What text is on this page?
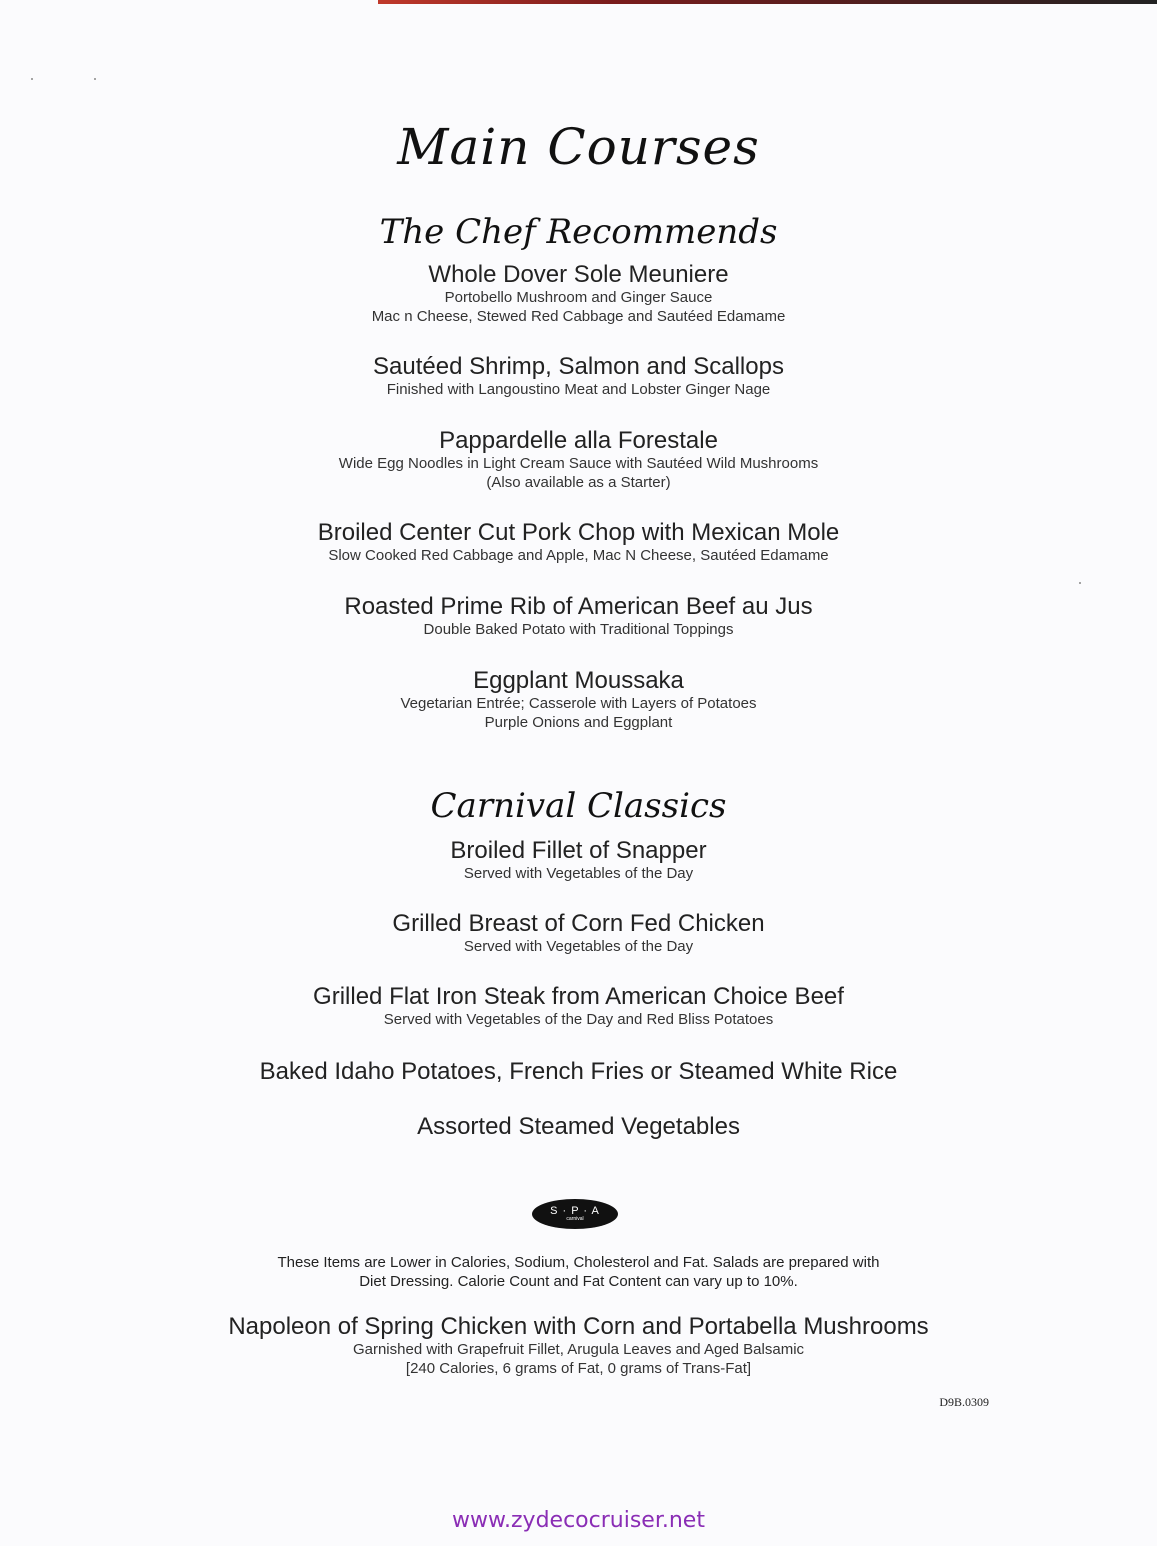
Main Courses
The Chef Recommends
Whole Dover Sole Meuniere
Portobello Mushroom and Ginger Sauce
Mac n Cheese, Stewed Red Cabbage and Sautéed Edamame
Sautéed Shrimp, Salmon and Scallops
Finished with Langoustino Meat and Lobster Ginger Nage
Pappardelle alla Forestale
Wide Egg Noodles in Light Cream Sauce with Sautéed Wild Mushrooms
(Also available as a Starter)
Broiled Center Cut Pork Chop with Mexican Mole
Slow Cooked Red Cabbage and Apple, Mac N Cheese, Sautéed Edamame
Roasted Prime Rib of American Beef au Jus
Double Baked Potato with Traditional Toppings
Eggplant Moussaka
Vegetarian Entrée; Casserole with Layers of Potatoes
Purple Onions and Eggplant
Carnival Classics
Broiled Fillet of Snapper
Served with Vegetables of the Day
Grilled Breast of Corn Fed Chicken
Served with Vegetables of the Day
Grilled Flat Iron Steak from American Choice Beef
Served with Vegetables of the Day and Red Bliss Potatoes
Baked Idaho Potatoes, French Fries or Steamed White Rice
Assorted Steamed Vegetables
S · P · A
carnival
These Items are Lower in Calories, Sodium, Cholesterol and Fat. Salads are prepared with
Diet Dressing. Calorie Count and Fat Content can vary up to 10%.
Napoleon of Spring Chicken with Corn and Portabella Mushrooms
Garnished with Grapefruit Fillet, Arugula Leaves and Aged Balsamic
[240 Calories, 6 grams of Fat, 0 grams of Trans-Fat]
D9B.0309
www.zydecocruiser.net
